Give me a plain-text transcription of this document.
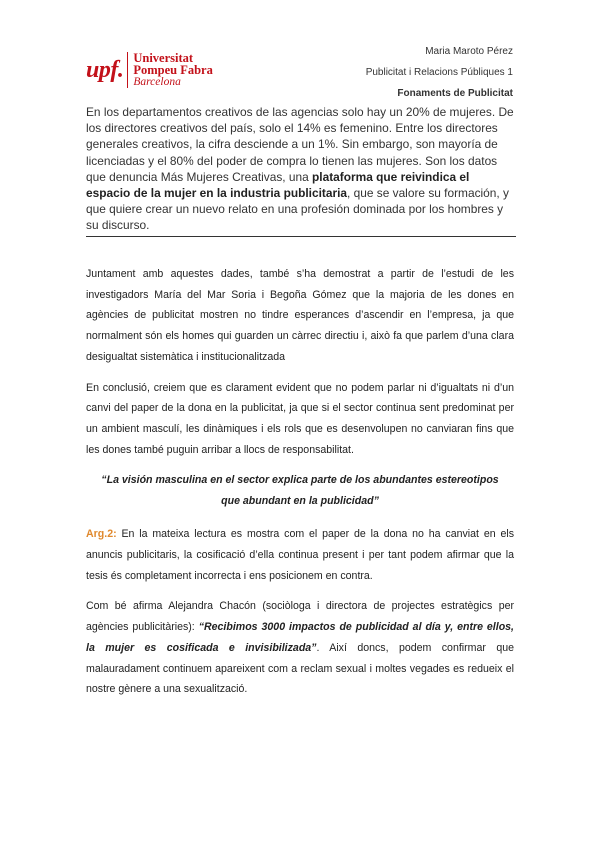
upf. Universitat
Pompeu Fabra
Barcelona
Maria Maroto Pérez
Publicitat i Relacions Públiques 1
Fonaments de Publicitat
En los departamentos creativos de las agencias solo hay un 20% de mujeres. De los directores creativos del país, solo el 14% es femenino. Entre los directores generales creativos, la cifra desciende a un 1%. Sin embargo, son mayoría de licenciadas y el 80% del poder de compra lo tienen las mujeres. Son los datos que denuncia Más Mujeres Creativas, una plataforma que reivindica el espacio de la mujer en la industria publicitaria, que se valore su formación, y que quiere crear un nuevo relato en una profesión dominada por los hombres y su discurso.

Juntament amb aquestes dades, també s’ha demostrat a partir de l’estudi de les investigadors María del Mar Soria i Begoña Gómez que la majoria de les dones en agències de publicitat mostren no tindre esperances d’ascendir en l’empresa, ja que normalment són els homes qui guarden un càrrec directiu i, això fa que parlem d’una clara desigualtat sistemàtica i institucionalitzada

En conclusió, creiem que es clarament evident que no podem parlar ni d’igualtats ni d’un canvi del paper de la dona en la publicitat, ja que si el sector continua sent predominat per un ambient masculí, les dinàmiques i els rols que es desenvolupen no canviaran fins que les dones també puguin arribar a llocs de responsabilitat.

“La visión masculina en el sector explica parte de los abundantes estereotipos que abundant en la publicidad”

Arg.2: En la mateixa lectura es mostra com el paper de la dona no ha canviat en els anuncis publicitaris, la cosificació d’ella continua present i per tant podem afirmar que la tesis és completament incorrecta i ens posicionem en contra.

Com bé afirma Alejandra Chacón (sociòloga i directora de projectes estratègics per agències publicitàries): “Recibimos 3000 impactos de publicidad al día y, entre ellos, la mujer es cosificada e invisibilizada”. Així doncs, podem confirmar que malauradament continuem apareixent com a reclam sexual i moltes vegades es redueix el nostre gènere a una sexualització.
